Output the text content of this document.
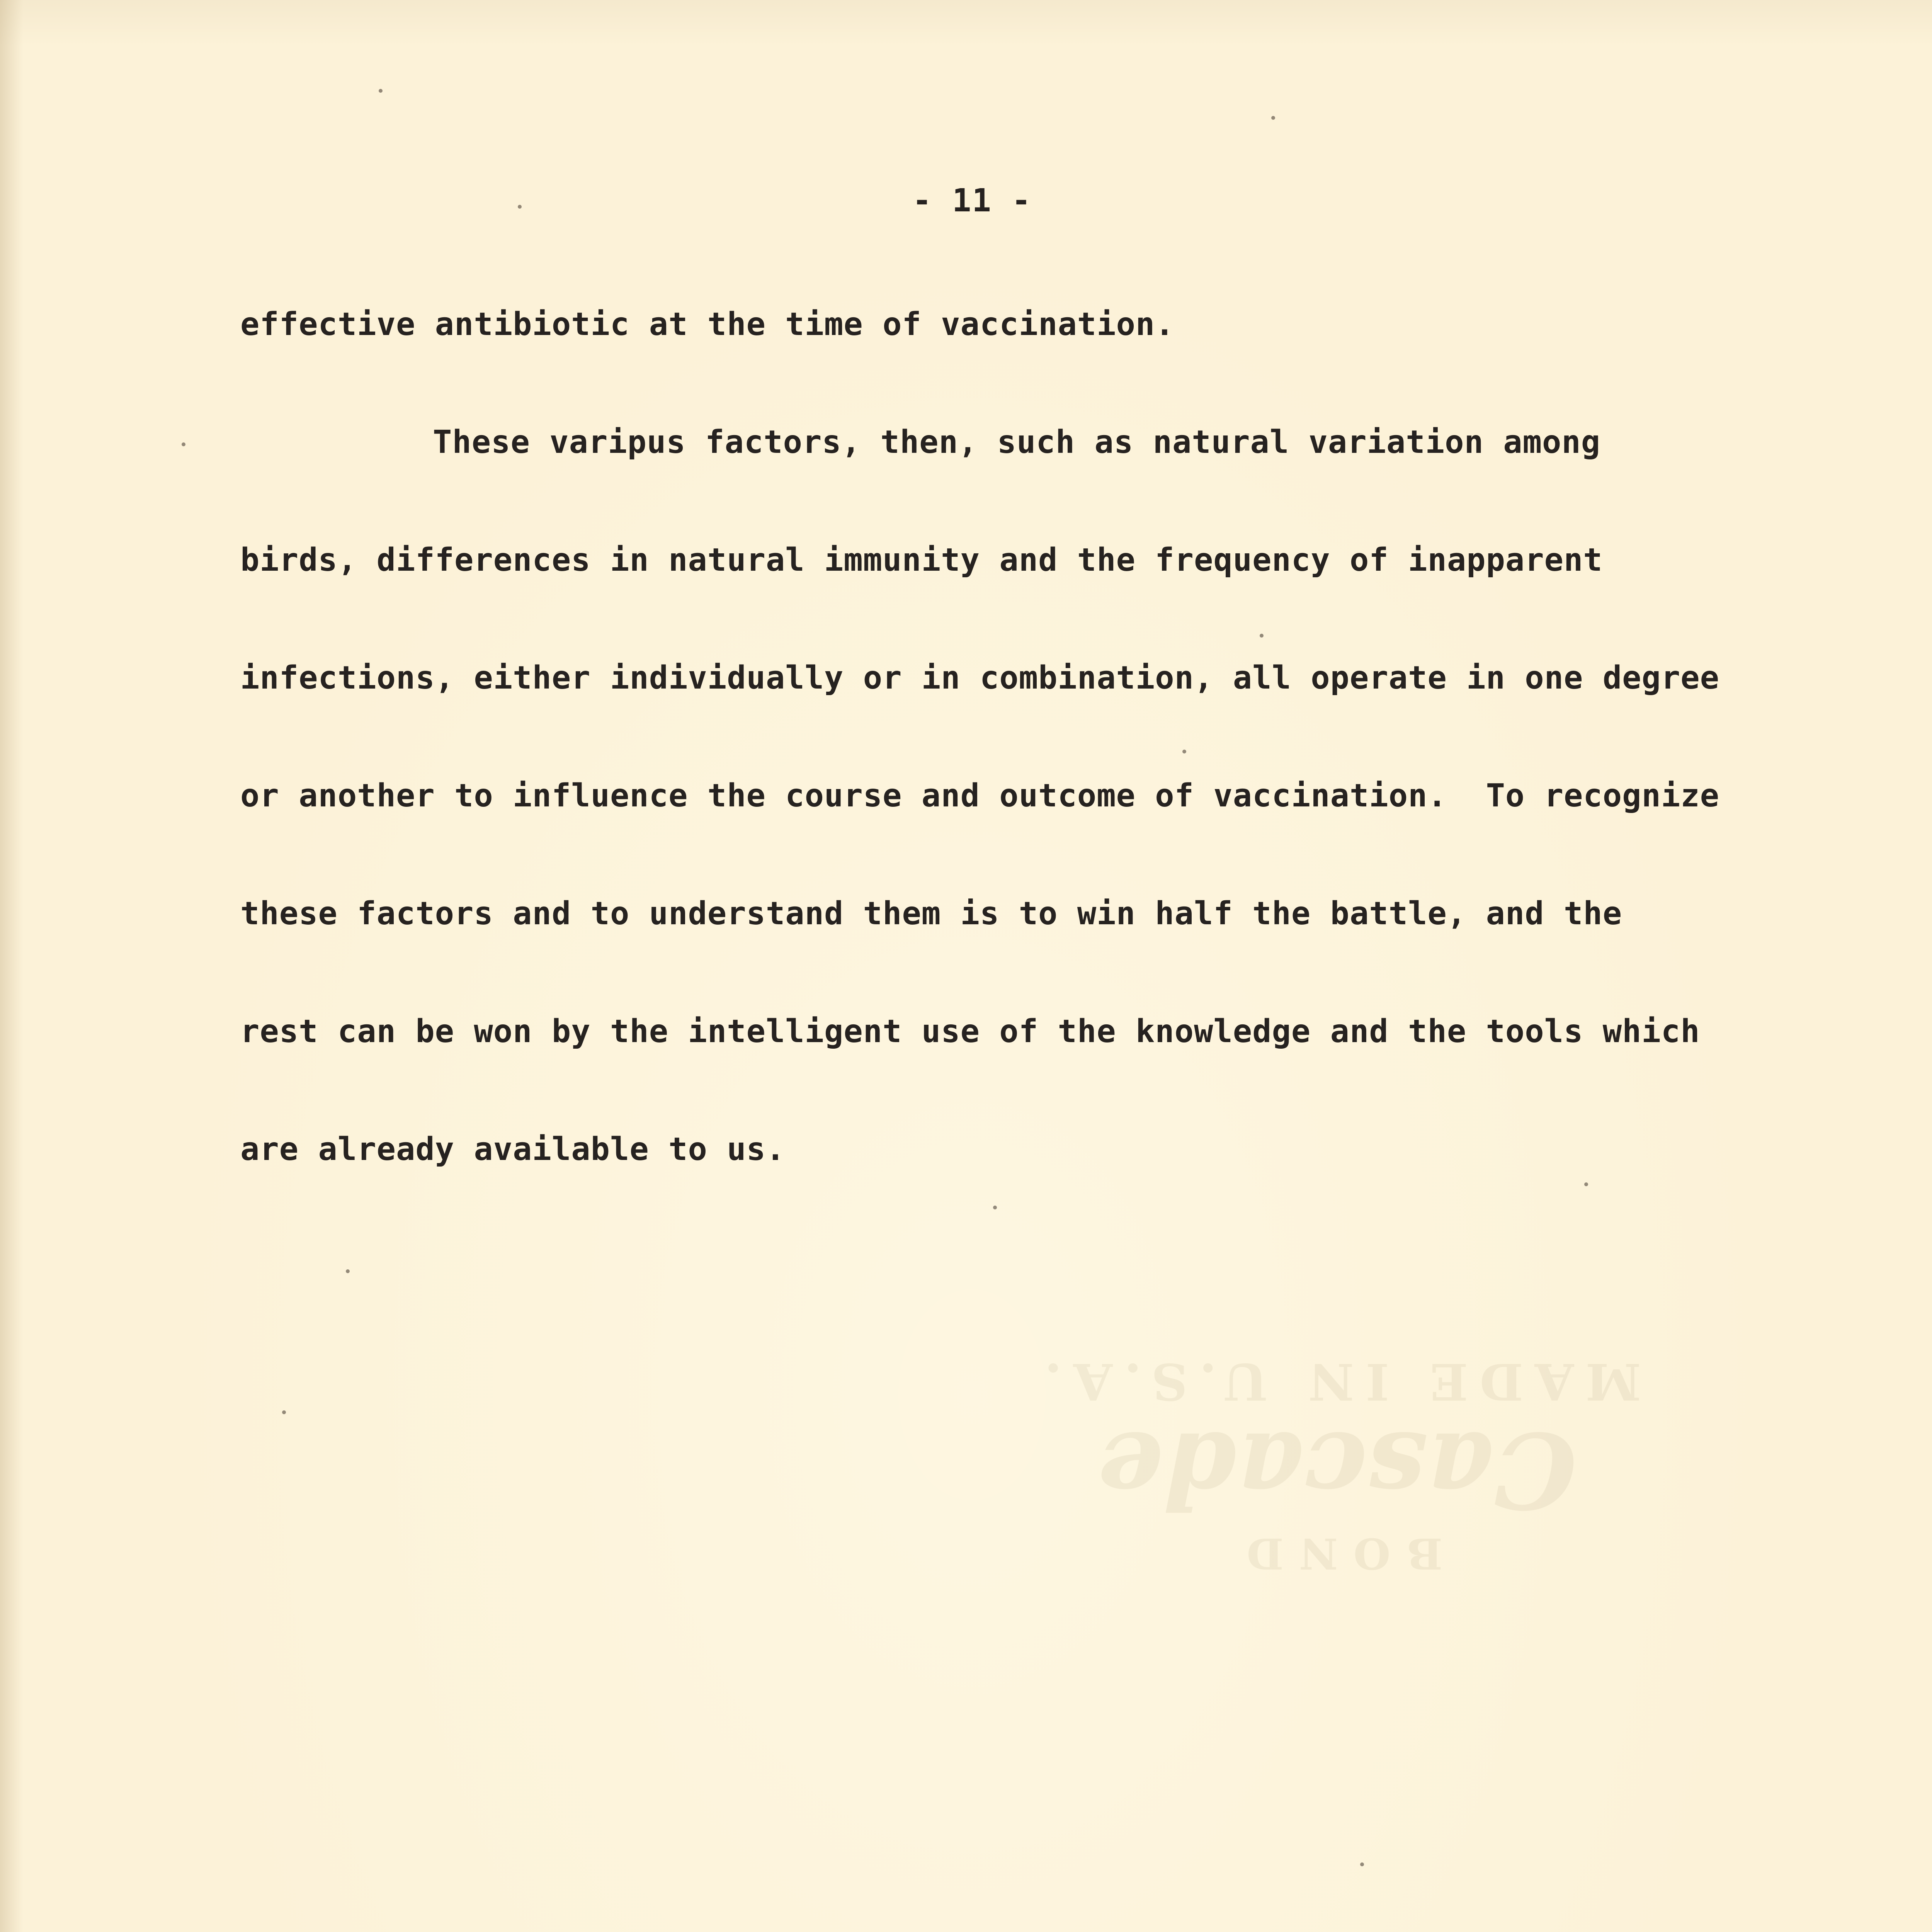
BOND
Cascade
MADE IN U.S.A.
- 11 -

effective antibiotic at the time of vaccination.

These varipus factors, then, such as natural variation among

birds, differences in natural immunity and the frequency of inapparent

infections, either individually or in combination, all operate in one degree

or another to influence the course and outcome of vaccination.  To recognize

these factors and to understand them is to win half the battle, and the

rest can be won by the intelligent use of the knowledge and the tools which

are already available to us.
